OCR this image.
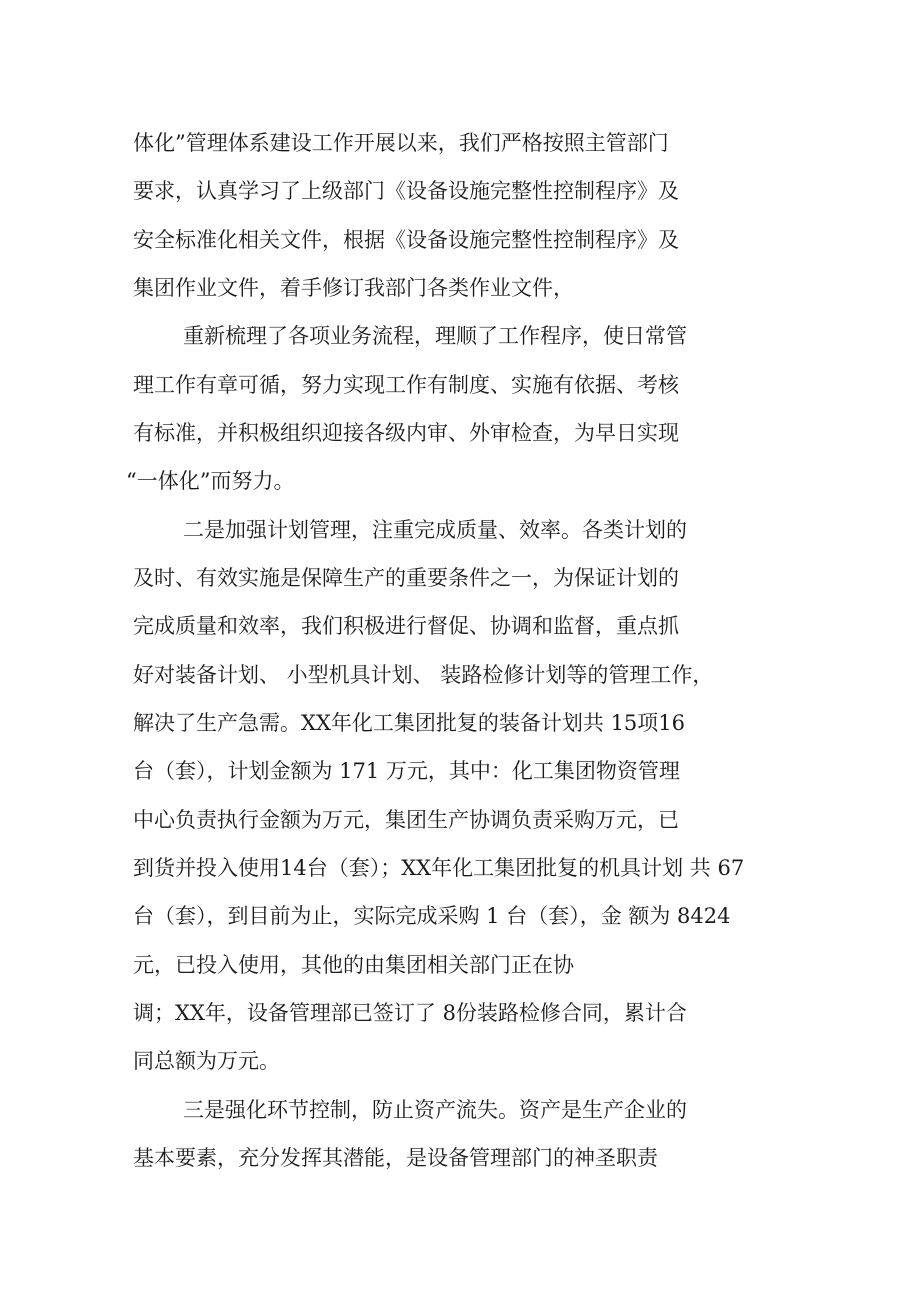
体化”管理体系建设工作开展以来，我们严格按照主管部门

要求，认真学习了上级部门《设备设施完整性控制程序》及

安全标准化相关文件，根据《设备设施完整性控制程序》及

集团作业文件，着手修订我部门各类作业文件，

重新梳理了各项业务流程，理顺了工作程序，使日常管

理工作有章可循，努力实现工作有制度、实施有依据、考核

有标准，并积极组织迎接各级内审、外审检查，为早日实现

“一体化”而努力。

二是加强计划管理，注重完成质量、效率。各类计划的

及时、有效实施是保障生产的重要条件之一，为保证计划的

完成质量和效率，我们积极进行督促、协调和监督，重点抓

好对装备计划、 小型机具计划、 装路检修计划等的管理工作，

解决了生产急需。XX年化工集团批复的装备计划共 15项16

台（套），计划金额为 171 万元，其中：化工集团物资管理

中心负责执行金额为万元，集团生产协调负责采购万元，已

到货并投入使用14台（套）；XX年化工集团批复的机具计划 共 67

台（套），到目前为止，实际完成采购 1 台（套），金 额为 8424

元，已投入使用，其他的由集团相关部门正在协

调；XX年，设备管理部已签订了 8份装路检修合同，累计合

同总额为万元。

三是强化环节控制，防止资产流失。资产是生产企业的

基本要素，充分发挥其潜能，是设备管理部门的神圣职责
